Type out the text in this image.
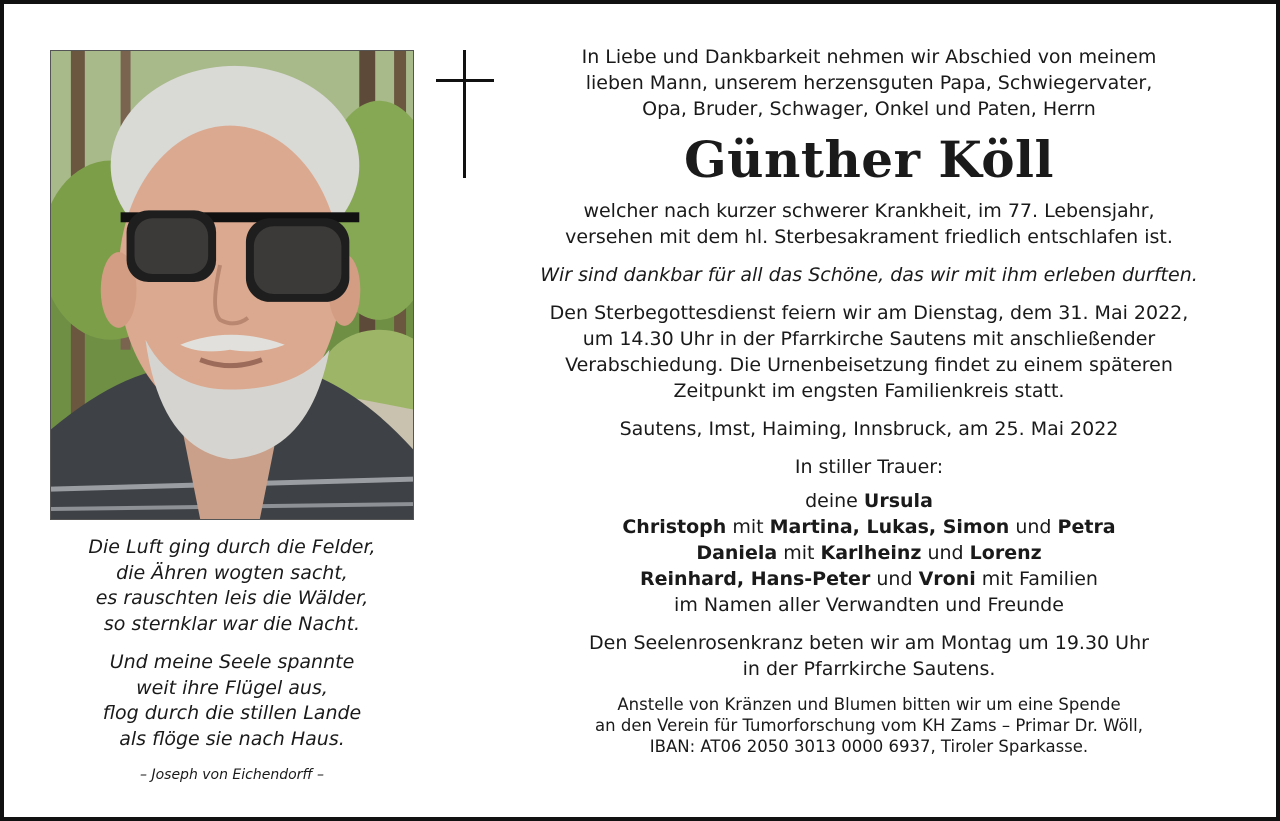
Die Luft ging durch die Felder,
die Ähren wogten sacht,
es rauschten leis die Wälder,
so sternklar war die Nacht.
Und meine Seele spannte
weit ihre Flügel aus,
flog durch die stillen Lande
als flöge sie nach Haus.
– Joseph von Eichendorff –
In Liebe und Dankbarkeit nehmen wir Abschied von meinem
lieben Mann, unserem herzensguten Papa, Schwiegervater,
Opa, Bruder, Schwager, Onkel und Paten, Herrn
Günther Köll
welcher nach kurzer schwerer Krankheit, im 77. Lebensjahr,
versehen mit dem hl. Sterbesakrament friedlich entschlafen ist.
Wir sind dankbar für all das Schöne, das wir mit ihm erleben durften.
Den Sterbegottesdienst feiern wir am Dienstag, dem 31. Mai 2022,
um 14.30 Uhr in der Pfarrkirche Sautens mit anschließender
Verabschiedung. Die Urnenbeisetzung findet zu einem späteren
Zeitpunkt im engsten Familienkreis statt.
Sautens, Imst, Haiming, Innsbruck, am 25. Mai 2022
In stiller Trauer:
deine Ursula
Christoph mit Martina, Lukas, Simon und Petra
Daniela mit Karlheinz und Lorenz
Reinhard, Hans-Peter und Vroni mit Familien
im Namen aller Verwandten und Freunde
Den Seelenrosenkranz beten wir am Montag um 19.30 Uhr
in der Pfarrkirche Sautens.
Anstelle von Kränzen und Blumen bitten wir um eine Spende
an den Verein für Tumorforschung vom KH Zams – Primar Dr. Wöll,
IBAN: AT06 2050 3013 0000 6937, Tiroler Sparkasse.
